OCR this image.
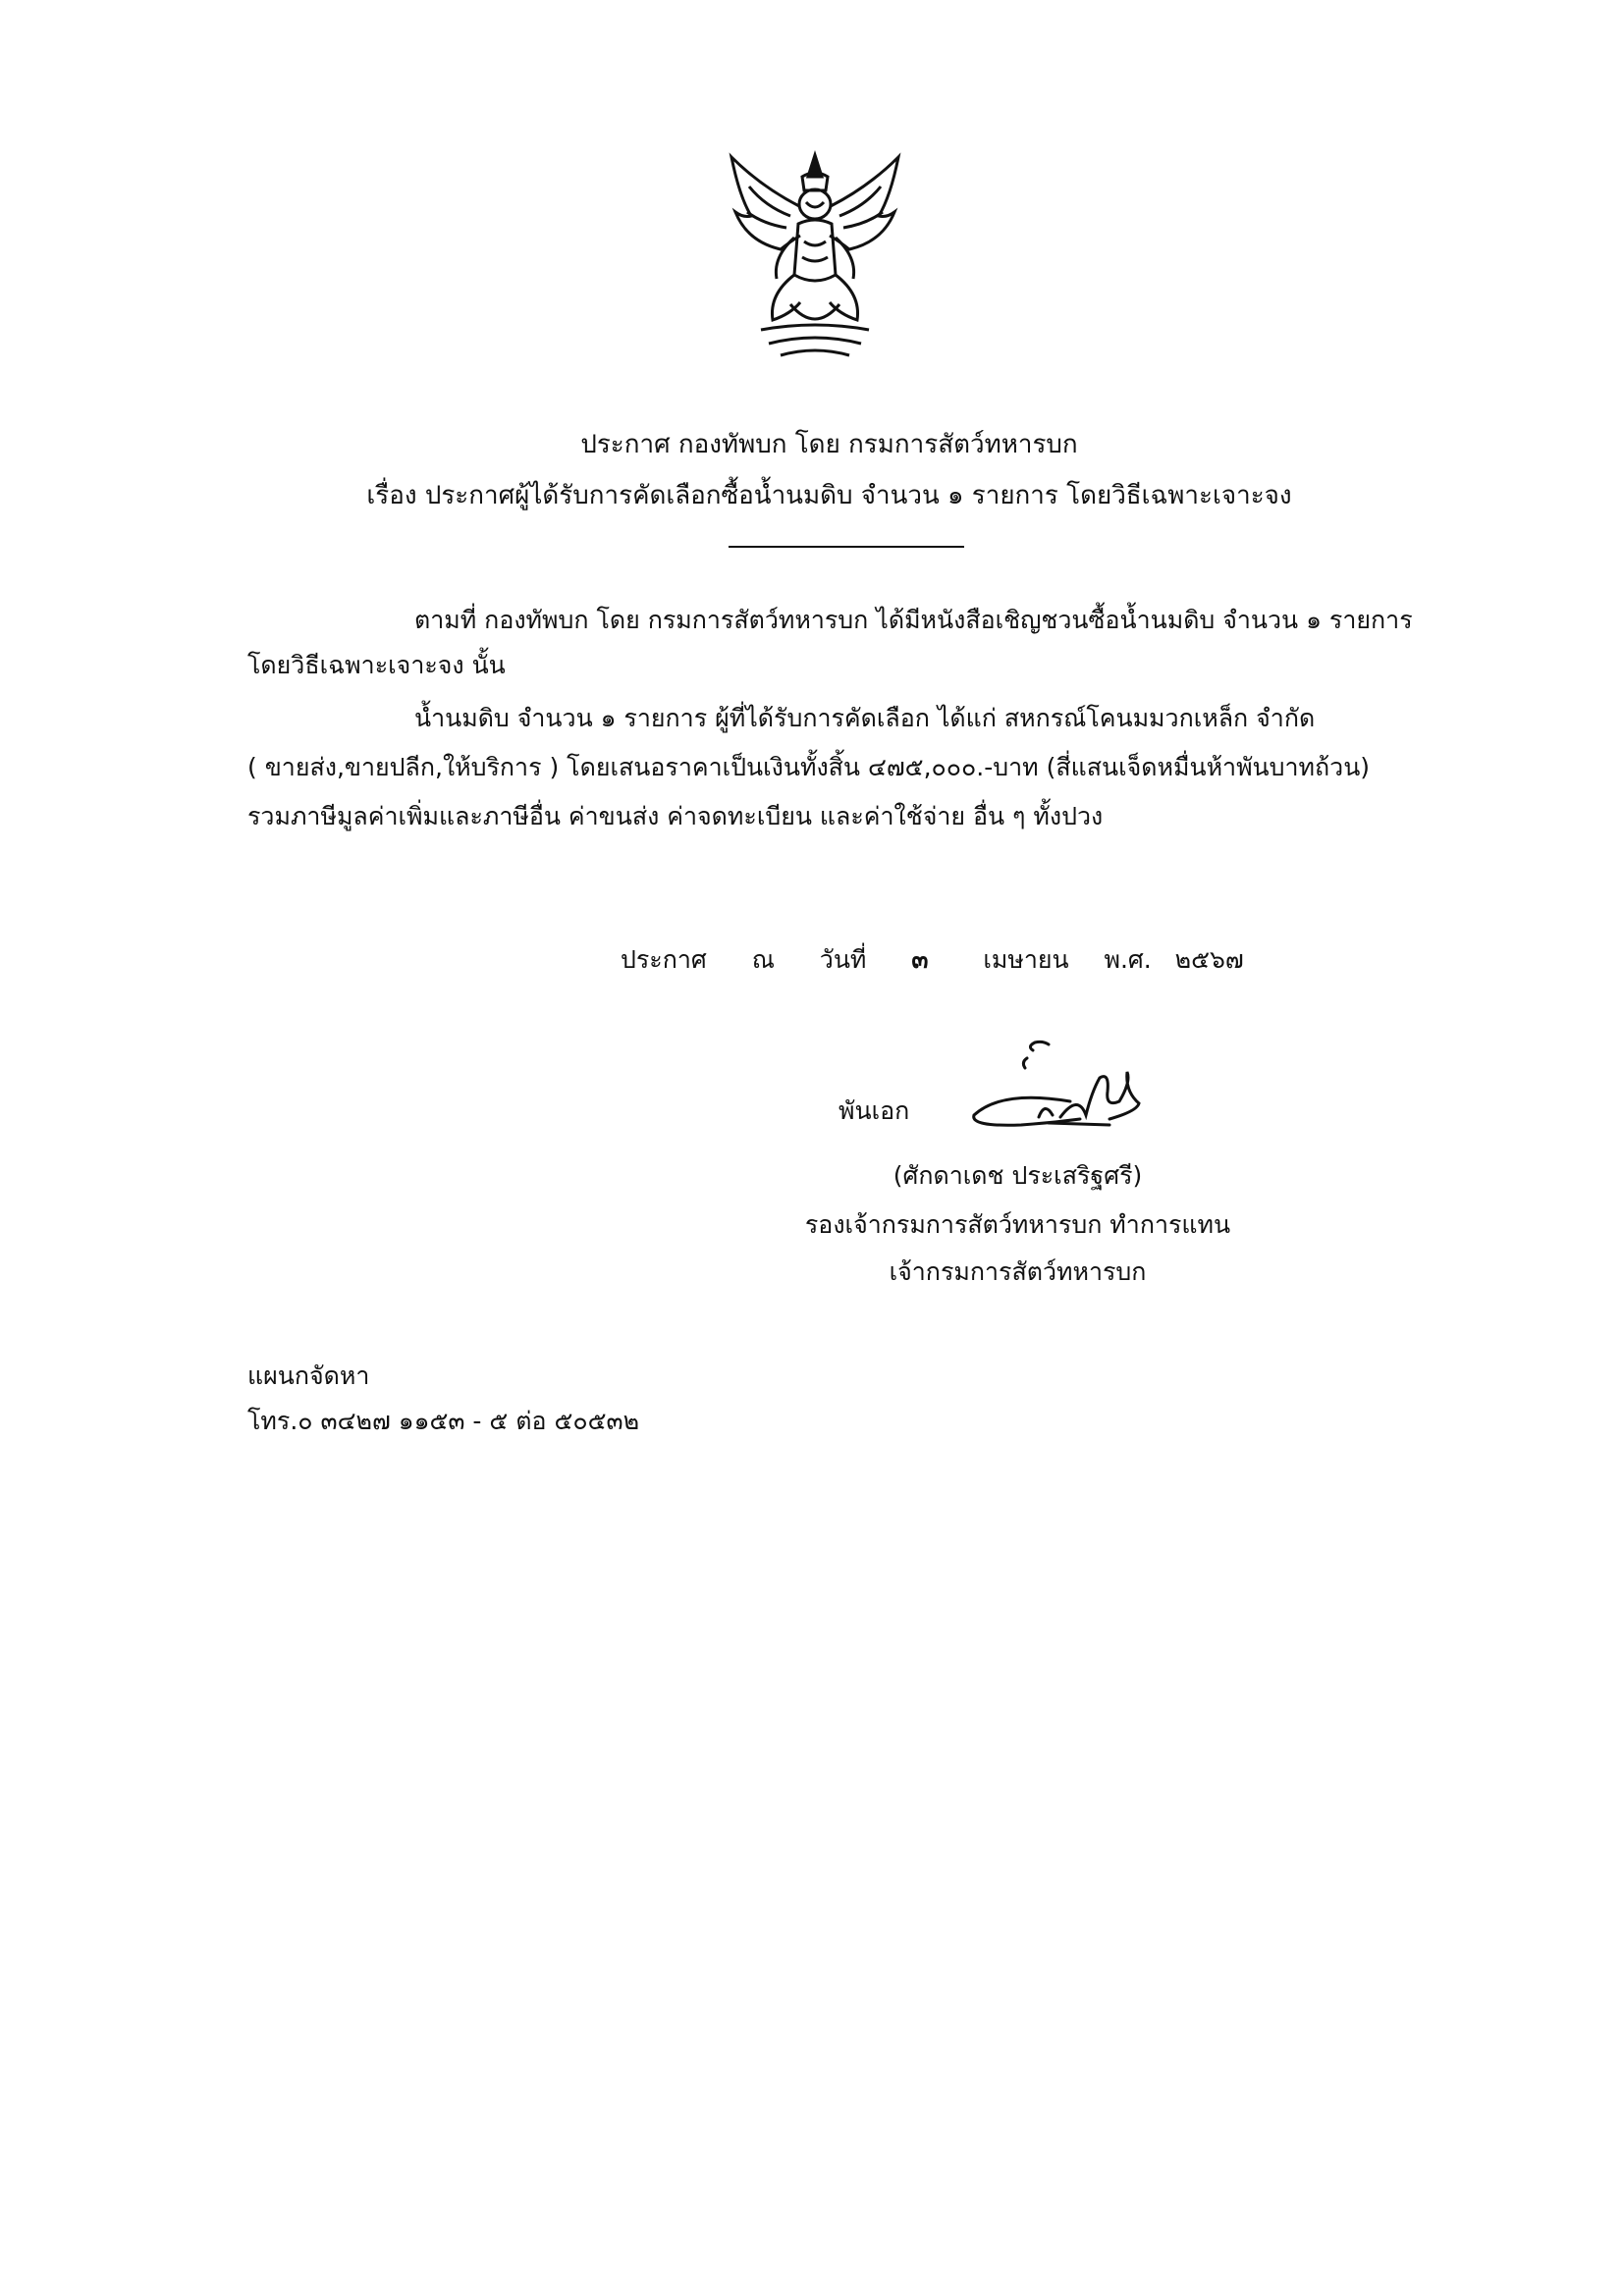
ประกาศ กองทัพบก โดย กรมการสัตว์ทหารบก
เรื่อง ประกาศผู้ได้รับการคัดเลือกซื้อน้ำนมดิบ จำนวน ๑ รายการ โดยวิธีเฉพาะเจาะจง
ตามที่ กองทัพบก โดย กรมการสัตว์ทหารบก ได้มีหนังสือเชิญชวนซื้อน้ำนมดิบ จำนวน ๑ รายการ
โดยวิธีเฉพาะเจาะจง นั้น
น้ำนมดิบ จำนวน ๑ รายการ ผู้ที่ได้รับการคัดเลือก ได้แก่ สหกรณ์โคนมมวกเหล็ก จำกัด
( ขายส่ง,ขายปลีก,ให้บริการ ) โดยเสนอราคาเป็นเงินทั้งสิ้น ๔๗๕,๐๐๐.-บาท (สี่แสนเจ็ดหมื่นห้าพันบาทถ้วน)
รวมภาษีมูลค่าเพิ่มและภาษีอื่น ค่าขนส่ง ค่าจดทะเบียน และค่าใช้จ่าย อื่น ๆ ทั้งปวง
ประกาศ ณ วันที่ ๓ เมษายน พ.ศ. ๒๕๖๗
พันเอก
(ศักดาเดช ประเสริฐศรี)
รองเจ้ากรมการสัตว์ทหารบก ทำการแทน
เจ้ากรมการสัตว์ทหารบก
แผนกจัดหา
โทร.๐ ๓๔๒๗ ๑๑๕๓ - ๕ ต่อ ๕๐๕๓๒
